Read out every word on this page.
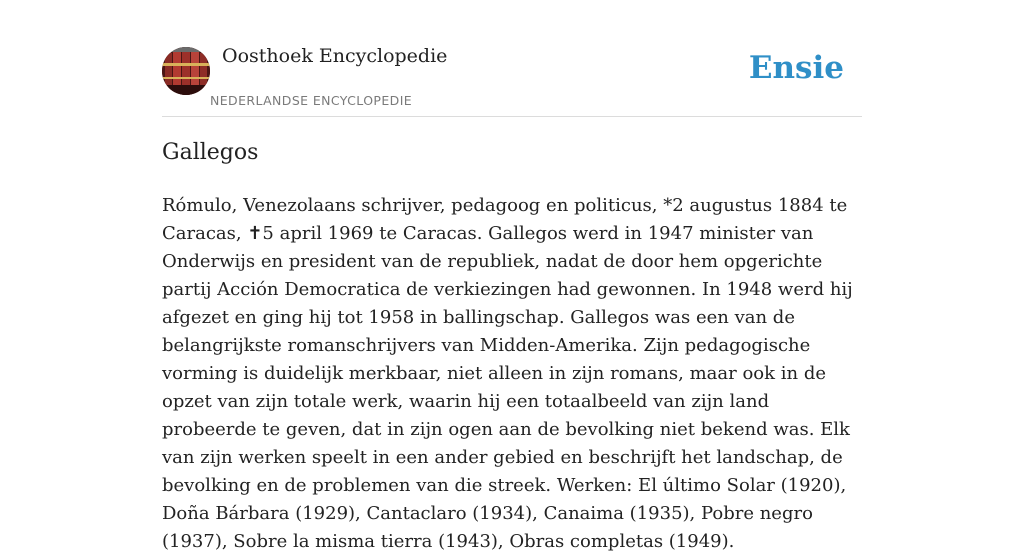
Oosthoek Encyclopedie
NEDERLANDSE ENCYCLOPEDIE
Ensie
Gallegos

Rómulo, Venezolaans schrijver, pedagoog en politicus, *2 augustus 1884 te Caracas, ✝5 april 1969 te Caracas. Gallegos werd in 1947 minister van Onderwijs en president van de republiek, nadat de door hem opgerichte partij Acción Democratica de verkiezingen had gewonnen. In 1948 werd hij afgezet en ging hij tot 1958 in ballingschap. Gallegos was een van de belangrijkste romanschrijvers van Midden-Amerika. Zijn pedagogische vorming is duidelijk merkbaar, niet alleen in zijn romans, maar ook in de opzet van zijn totale werk, waarin hij een totaalbeeld van zijn land probeerde te geven, dat in zijn ogen aan de bevolking niet bekend was. Elk van zijn werken speelt in een ander gebied en beschrijft het landschap, de bevolking en de problemen van die streek. Werken: El último Solar (1920), Doña Bárbara (1929), Cantaclaro (1934), Canaima (1935), Pobre negro (1937), Sobre la misma tierra (1943), Obras completas (1949).
